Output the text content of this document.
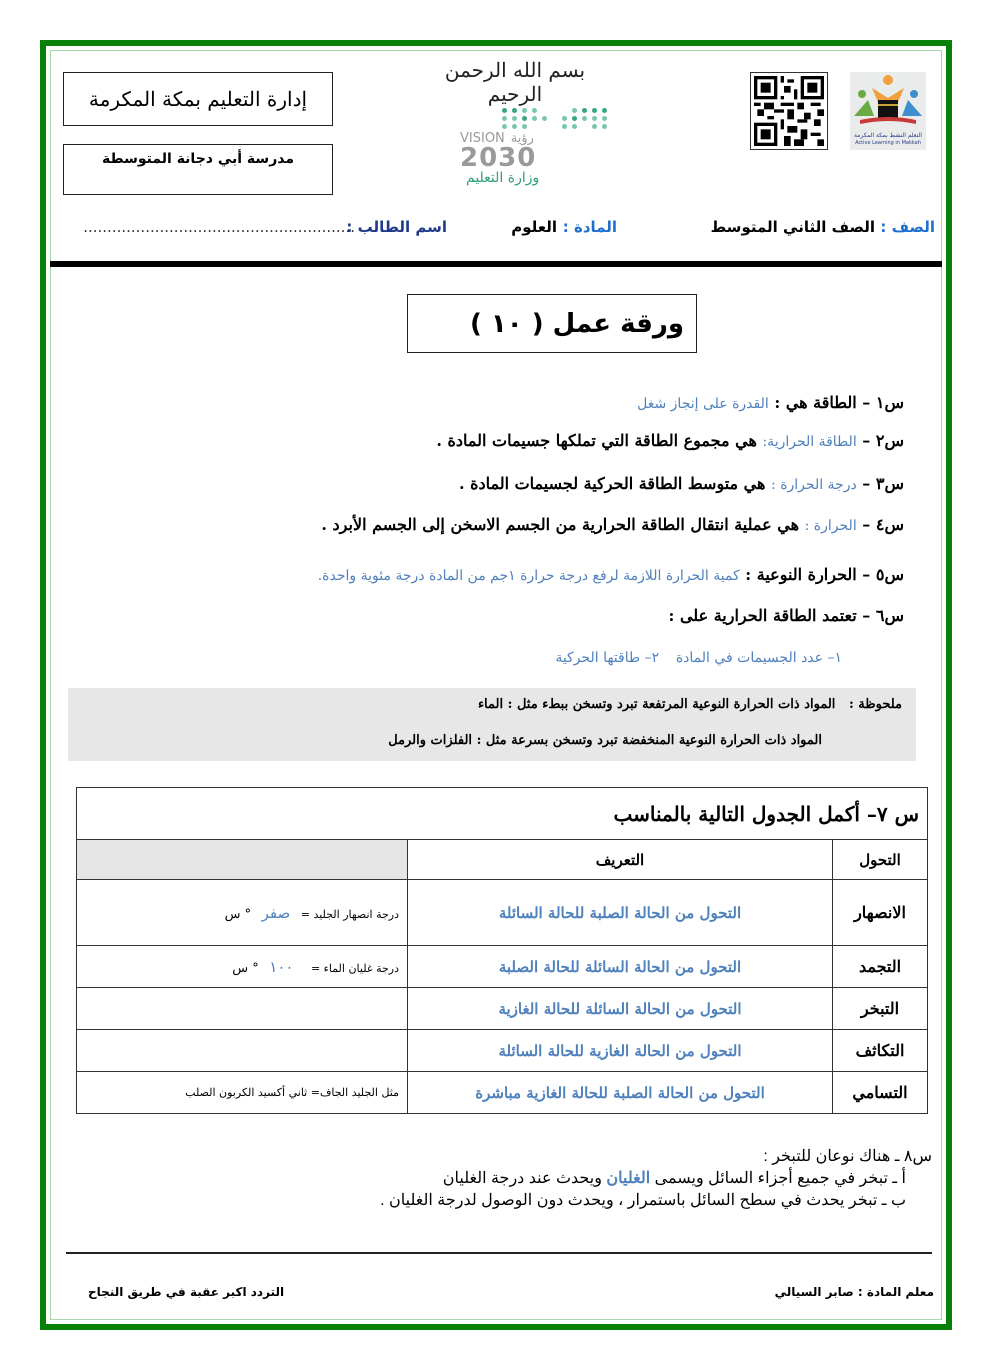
إدارة التعليم بمكة المكرمة
مدرسة أبي دجانة المتوسطة
بسم الله الرحمن الرحيم
VISION رؤية
2030
وزارة التعليم
التعلم النشط بمكة المكرمة
Active Learning in Makkah
الصف :
الصف الثاني المتوسط
المادة :
العلوم
اسم الطالب :
.........................................................
ورقة عمل ( ١٠ )
س١ – الطاقة هي : القدرة على إنجاز شغل
س٢ – الطاقة الحرارية: هي مجموع الطاقة التي تملكها جسيمات المادة .
س٣ – درجة الحرارة : هي متوسط الطاقة الحركية لجسيمات المادة .
س٤ – الحرارة : هي عملية انتقال الطاقة الحرارية من الجسم الاسخن إلى الجسم الأبرد .
س٥ – الحرارة النوعية : كمية الحرارة اللازمة لرفع درجة حرارة ١جم من المادة درجة مئوية واحدة.
س٦ – تعتمد الطاقة الحرارية على :
١– عدد الجسيمات في المادة   ٢– طاقتها الحركية
ملحوظة :   المواد ذات الحرارة النوعية المرتفعة تبرد وتسخن ببطء مثل : الماء
المواد ذات الحرارة النوعية المنخفضة تبرد وتسخن بسرعة مثل : الفلزات والرمل
س ٧– أكمل الجدول التالية بالمناسب		
التحول	التعريف	
الانصهار	التحول من الحالة الصلبة للحالة السائلة	درجة انصهار الجليد =   صفر   ° س
التجمد	التحول من الحالة السائلة للحالة الصلبة	درجة غليان الماء =     ١٠٠   ° س
التبخر	التحول من الحالة السائلة للحالة الغازية	
التكاثف	التحول من الحالة الغازية للحالة السائلة	
التسامي	التحول من الحالة الصلبة للحالة الغازية مباشرة	مثل الجليد الجاف= ثاني أكسيد الكربون الصلب
س٨ ـ هناك نوعان للتبخر :
أ ـ تبخر في جميع أجزاء السائل ويسمى الغليان ويحدث عند درجة الغليان
ب ـ تبخر يحدث في سطح السائل باستمرار ، ويحدث دون الوصول لدرجة الغليان .
معلم المادة : صابر السيالي
التردد اكبر عقبة في طريق النجاح
